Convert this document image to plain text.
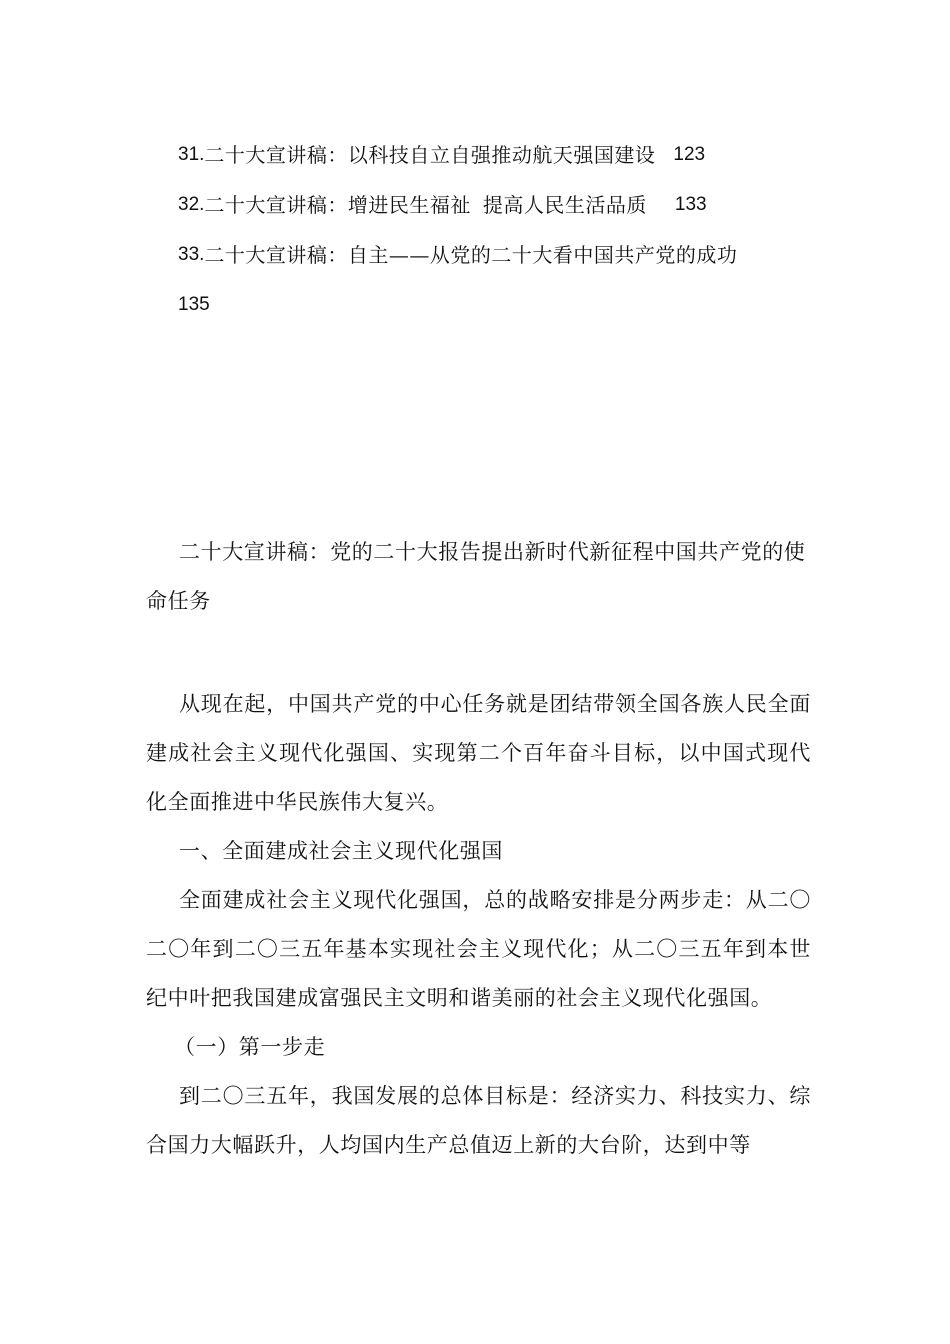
31. 二十大宣讲稿：以科技自立自强推动航天强国建设 123
32. 二十大宣讲稿：增进民生福祉 提高人民生活品质 133
33. 二十大宣讲稿：自主——从党的二十大看中国共产党的成功
135
二十大宣讲稿：党的二十大报告提出新时代新征程中国共产党的使命任务

从现在起，中国共产党的中心任务就是团结带领全国各族人民全面建成社会主义现代化强国、实现第二个百年奋斗目标，以中国式现代化全面推进中华民族伟大复兴。

一、全面建成社会主义现代化强国

全面建成社会主义现代化强国，总的战略安排是分两步走：从二〇二〇年到二〇三五年基本实现社会主义现代化；从二〇三五年到本世纪中叶把我国建成富强民主文明和谐美丽的社会主义现代化强国。

（一）第一步走

到二〇三五年，我国发展的总体目标是：经济实力、科技实力、综合国力大幅跃升，人均国内生产总值迈上新的大台阶，达到中等
